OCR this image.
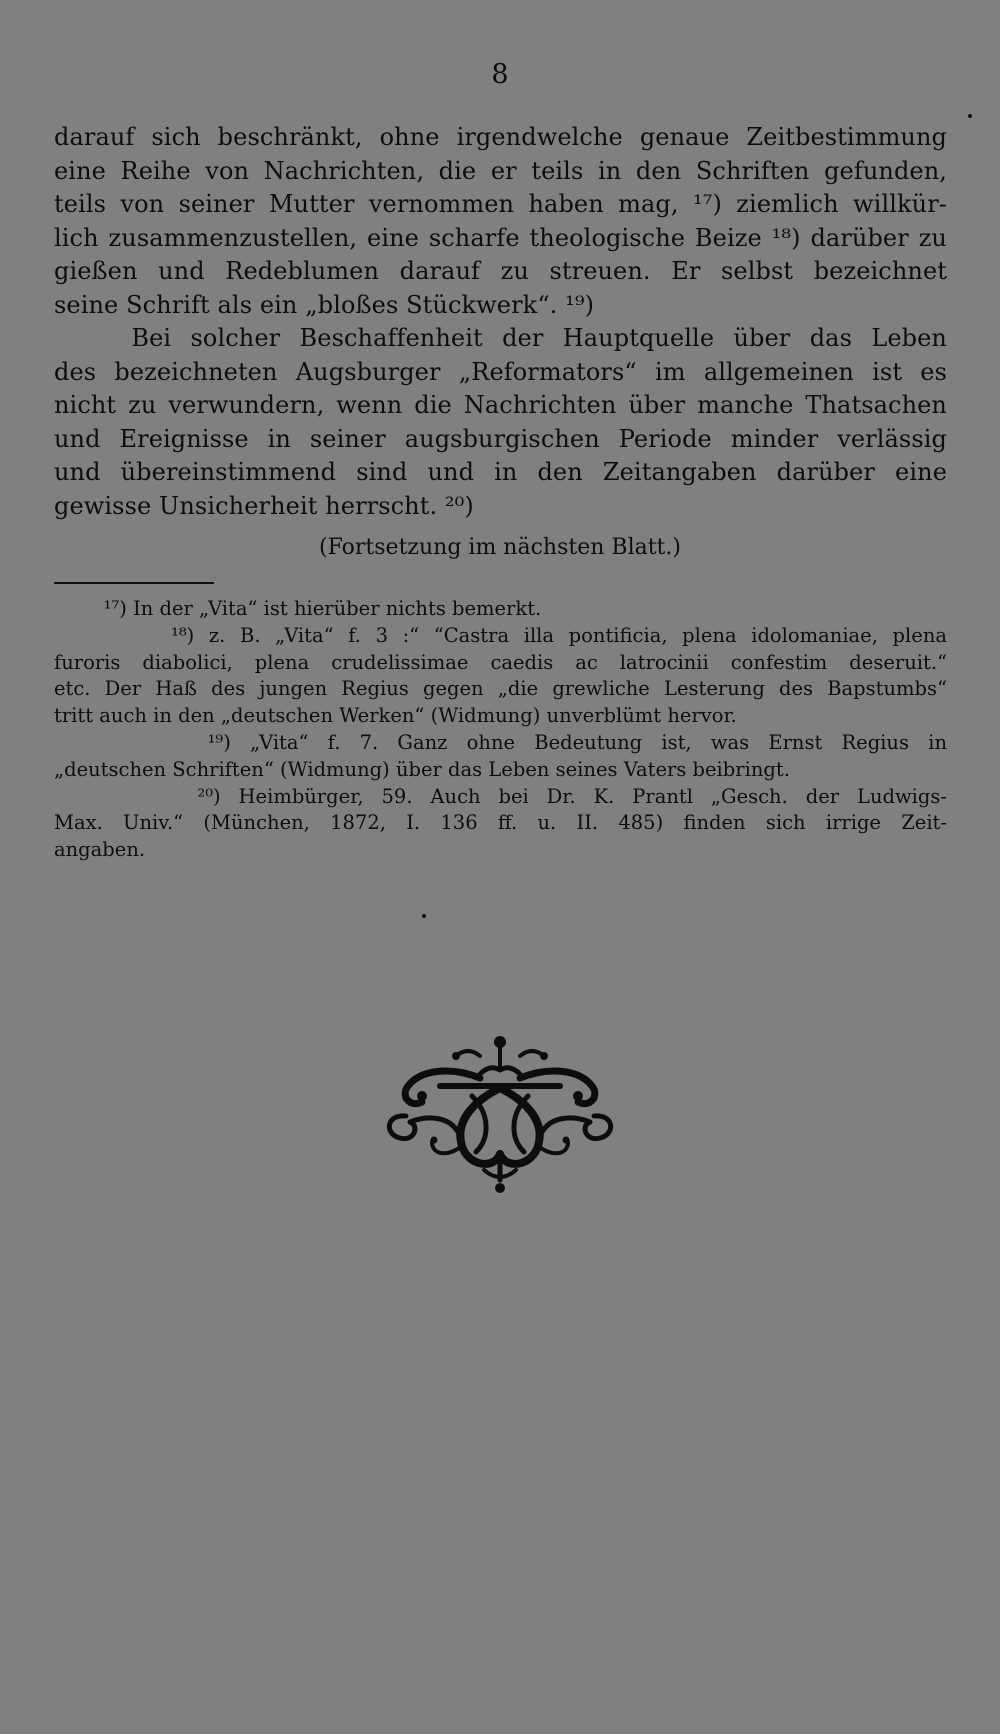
8
darauf sich beschränkt, ohne irgendwelche genaue Zeitbestimmung
eine Reihe von Nachrichten, die er teils in den Schriften gefunden,
teils von seiner Mutter vernommen haben mag, ¹⁷) ziemlich willkür-
lich zusammenzustellen, eine scharfe theologische Beize ¹⁸) darüber zu
gießen und Redeblumen darauf zu streuen. Er selbst bezeichnet
seine Schrift als ein „bloßes Stückwerk“. ¹⁹)
Bei solcher Beschaffenheit der Hauptquelle über das Leben
des bezeichneten Augsburger „Reformators“ im allgemeinen ist es
nicht zu verwundern, wenn die Nachrichten über manche Thatsachen
und Ereignisse in seiner augsburgischen Periode minder verlässig
und übereinstimmend sind und in den Zeitangaben darüber eine
gewisse Unsicherheit herrscht. ²⁰)
(Fortsetzung im nächsten Blatt.)
¹⁷) In der „Vita“ ist hierüber nichts bemerkt.
¹⁸) z. B. „Vita“ f. 3 :“ “Castra illa pontificia, plena idolomaniae, plena
furoris diabolici, plena crudelissimae caedis ac latrocinii confestim deseruit.“
etc. Der Haß des jungen Regius gegen „die grewliche Lesterung des Bapstumbs“
tritt auch in den „deutschen Werken“ (Widmung) unverblümt hervor.
¹⁹) „Vita“ f. 7. Ganz ohne Bedeutung ist, was Ernst Regius in
„deutschen Schriften“ (Widmung) über das Leben seines Vaters beibringt.
²⁰) Heimbürger, 59. Auch bei Dr. K. Prantl „Gesch. der Ludwigs-
Max. Univ.“ (München, 1872, I. 136 ff. u. II. 485) finden sich irrige Zeit-
angaben.
